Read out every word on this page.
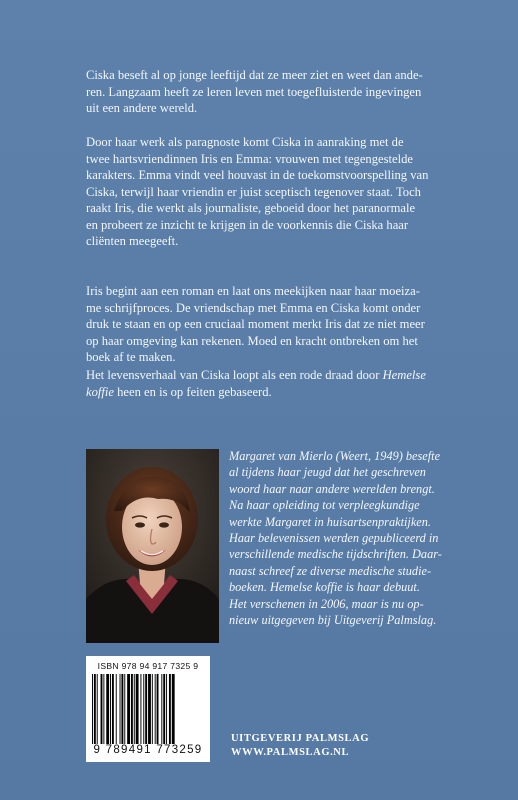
Ciska beseft al op jonge leeftijd dat ze meer ziet en weet dan ande-
ren. Langzaam heeft ze leren leven met toegefluisterde ingevingen
uit een andere wereld.

Door haar werk als paragnoste komt Ciska in aanraking met de
twee hartsvriendinnen Iris en Emma: vrouwen met tegengestelde
karakters. Emma vindt veel houvast in de toekomstvoorspelling van
Ciska, terwijl haar vriendin er juist sceptisch tegenover staat. Toch
raakt Iris, die werkt als journaliste, geboeid door het paranormale
en probeert ze inzicht te krijgen in de voorkennis die Ciska haar
cliënten meegeeft.

Iris begint aan een roman en laat ons meekijken naar haar moeiza-
me schrijfproces. De vriendschap met Emma en Ciska komt onder
druk te staan en op een cruciaal moment merkt Iris dat ze niet meer
op haar omgeving kan rekenen. Moed en kracht ontbreken om het
boek af te maken.

Het levensverhaal van Ciska loopt als een rode draad door Hemelse
koffie heen en is op feiten gebaseerd.

Margaret van Mierlo (Weert, 1949) besefte
al tijdens haar jeugd dat het geschreven
woord haar naar andere werelden brengt.
Na haar opleiding tot verpleegkundige
werkte Margaret in huisartsenpraktijken.
Haar belevenissen werden gepubliceerd in
verschillende medische tijdschriften. Daar-
naast schreef ze diverse medische studie-
boeken. Hemelse koffie is haar debuut.
Het verschenen in 2006, maar is nu op-
nieuw uitgegeven bij Uitgeverij Palmslag.

ISBN 978 94 917 7325 9
9 789491 773259

UITGEVERIJ PALMSLAG
WWW.PALMSLAG.NL
